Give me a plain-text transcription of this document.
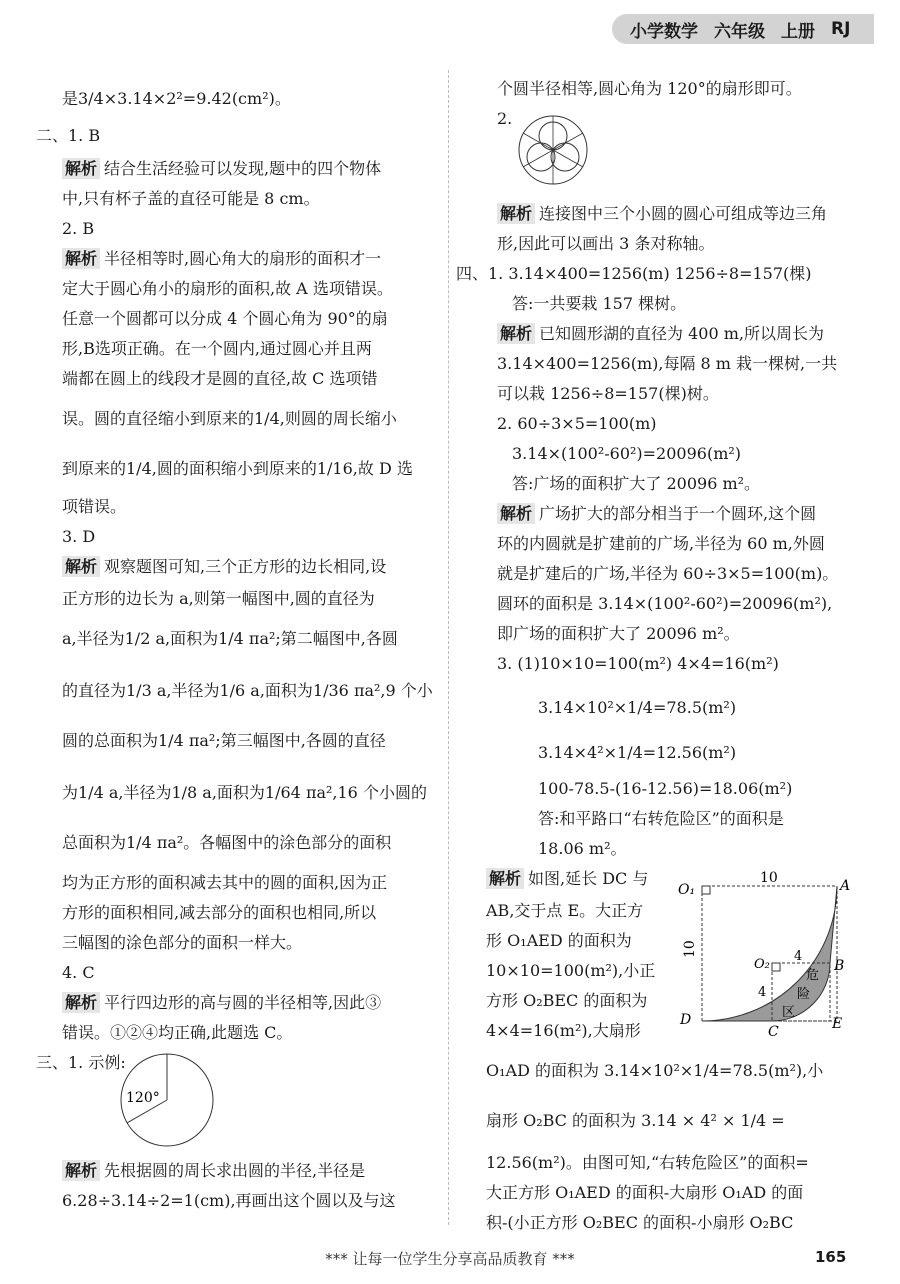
小学数学 六年级 上册 RJ
是3/4×3.14×2²=9.42(cm²)。
二、1. B
解析 结合生活经验可以发现,题中的四个物体
中,只有杯子盖的直径可能是 8 cm。
2. B
解析 半径相等时,圆心角大的扇形的面积才一
定大于圆心角小的扇形的面积,故 A 选项错误。
任意一个圆都可以分成 4 个圆心角为 90°的扇
形,B选项正确。在一个圆内,通过圆心并且两
端都在圆上的线段才是圆的直径,故 C 选项错
误。圆的直径缩小到原来的1/4,则圆的周长缩小
到原来的1/4,圆的面积缩小到原来的1/16,故 D 选
项错误。
3. D
解析 观察题图可知,三个正方形的边长相同,设
正方形的边长为 a,则第一幅图中,圆的直径为
a,半径为1/2 a,面积为1/4 πa²;第二幅图中,各圆
的直径为1/3 a,半径为1/6 a,面积为1/36 πa²,9 个小
圆的总面积为1/4 πa²;第三幅图中,各圆的直径
为1/4 a,半径为1/8 a,面积为1/64 πa²,16 个小圆的
总面积为1/4 πa²。各幅图中的涂色部分的面积
均为正方形的面积减去其中的圆的面积,因为正
方形的面积相同,减去部分的面积也相同,所以
三幅图的涂色部分的面积一样大。
4. C
解析 平行四边形的高与圆的半径相等,因此③
错误。①②④均正确,此题选 C。
三、1. 示例:
解析 先根据圆的周长求出圆的半径,半径是
6.28÷3.14÷2=1(cm),再画出这个圆以及与这
个圆半径相等,圆心角为 120°的扇形即可。
2.
解析 连接图中三个小圆的圆心可组成等边三角
形,因此可以画出 3 条对称轴。
四、1. 3.14×400=1256(m) 1256÷8=157(棵)
答:一共要栽 157 棵树。
解析 已知圆形湖的直径为 400 m,所以周长为
3.14×400=1256(m),每隔 8 m 栽一棵树,一共
可以栽 1256÷8=157(棵)树。
2. 60÷3×5=100(m)
3.14×(100²-60²)=20096(m²)
答:广场的面积扩大了 20096 m²。
解析 广场扩大的部分相当于一个圆环,这个圆
环的内圆就是扩建前的广场,半径为 60 m,外圆
就是扩建后的广场,半径为 60÷3×5=100(m)。
圆环的面积是 3.14×(100²-60²)=20096(m²),
即广场的面积扩大了 20096 m²。
3. (1)10×10=100(m²) 4×4=16(m²)
3.14×10²×1/4=78.5(m²)
3.14×4²×1/4=12.56(m²)
100-78.5-(16-12.56)=18.06(m²)
答:和平路口“右转危险区”的面积是
18.06 m²。
解析 如图,延长 DC 与
AB,交于点 E。大正方
形 O₁AED 的面积为
10×10=100(m²),小正
方形 O₂BEC 的面积为
4×4=16(m²),大扇形
O₁AD 的面积为 3.14×10²×1/4=78.5(m²),小
扇形 O₂BC 的面积为 3.14 × 4² × 1/4 =
12.56(m²)。由图可知,“右转危险区”的面积=
大正方形 O₁AED 的面积-大扇形 O₁AD 的面
积-(小正方形 O₂BEC 的面积-小扇形 O₂BC
120°
10
10	4
4
危
险
区
O₁	A
O₂	B
D
C	E
*** 让每一位学生分享高品质教育 ***	165
